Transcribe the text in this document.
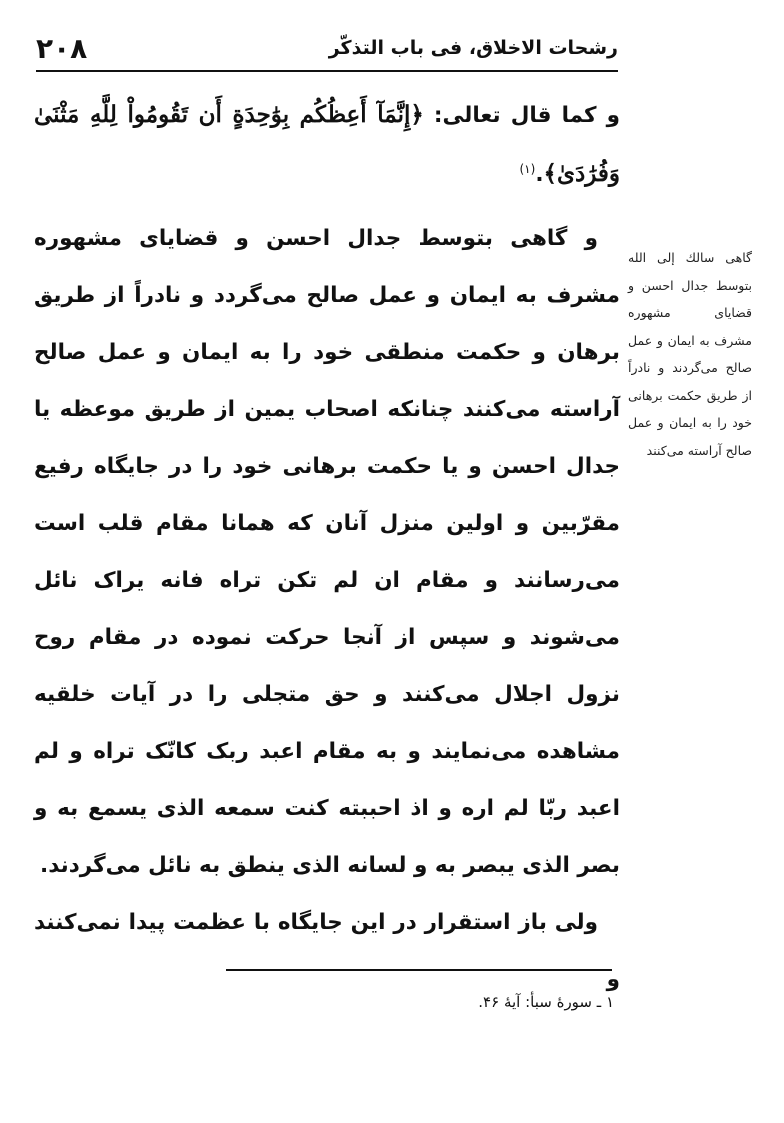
رشحات الاخلاق، فی باب التذکّر
۲۰۸

و کما قال تعالی: ﴿إِنَّمَآ أَعِظُكُم بِوَٰحِدَةٍ أَن تَقُومُواْ لِلَّهِ مَثْنَىٰ وَفُرَٰدَىٰ﴾.$^{(۱)}$

و گاهی بتوسط جدال احسن و قضایای مشهوره مشرف به ایمان و عمل صالح می‌گردد و نادراً از طریق برهان و حکمت منطقی خود را به ایمان و عمل صالح آراسته می‌کنند چنانکه اصحاب یمین از طریق موعظه یا جدال احسن و یا حکمت برهانی خود را در جایگاه رفیع مقرّبین و اولین منزل آنان که همانا مقام قلب است می‌رسانند و مقام ان لم تکن تراه فانه یراک نائل می‌شوند و سپس از آنجا حرکت نموده در مقام روح نزول اجلال می‌کنند و حق متجلی را در آیات خلقیه مشاهده می‌نمایند و به مقام اعبد ربک کانّک تراه و لم اعبد ربّا لم اره و اذ احببته کنت سمعه الذی یسمع به و بصر الذی یبصر به و لسانه الذی ینطق به نائل می‌گردند.

ولی باز استقرار در این جایگاه با عظمت پیدا نمی‌کنند و

گاهی سالك إلی الله بتوسط جدال احسن و قضایای مشهوره مشرف به ایمان و عمل صالح می‌گردند و نادراً از طریق حکمت برهانی خود را به ایمان و عمل صالح آراسته می‌کنند
۱ ـ سورهٔ سبأ: آیهٔ ۴۶.
